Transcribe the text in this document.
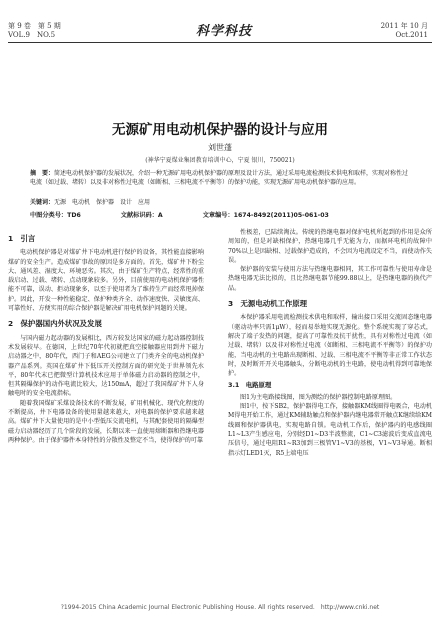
第 9 卷　第 5 期
VOL.9　NO.5	科学科技	2011 年 10 月
Oct.2011
无源矿用电动机保护器的设计与应用
刘世蓬
(神华宁夏煤业集团教育培训中心，宁夏 银川，750021)
摘　要：简述电动机保护器的发展状况，介绍一种无源矿用电动机保护器的原理及设计方法，通过采用电流检测技术供电和取样，实现对称性过电流（如过载、堵转）以及非对称性过电流（如断相、三相电流不平衡等）的保护功能，实现无源矿用电动机保护器的应用。
关键词：无源　电动机　保护器　设计　应用
中图分类号：TD6	文献标识码：A	文章编号：1674-8492(2011)05-061-03
1　引言

电动机保护器是对煤矿井下电动机进行保护的设备，其性能直接影响煤矿的安全生产。造成煤矿事故的原因是多方面的。首先，煤矿井下粉尘大、通风差、湿度大、环境恶劣。其次，由于煤矿生产特点，经常性的重载启动、过载、堵转、点动现象较多。另外，目前使用的电动机保护器性能不可靠，误动、拒动现象多，以至于使用者为了维持生产而经常甩掉保护。因此，开发一种性能稳定、保护种类齐全、动作速度快、灵敏度高、可靠性好、方便实用的综合保护器是解决矿用电机保护问题的关键。

2　保护器国内外状况及发展

与国内磁力起动器的发展相比，西方较发达国家的磁力起动器控制技术发展较早。在德国，上世纪70年代初就把真空接触器应用到井下磁力启动器之中，80年代，西门子和AEG公司建立了门类齐全的电动机保护器产品系列。英国在煤矿井下低压开关控制方面的研究处于世界领先水平，80年代末已把微型计算机技术应用于单体磁力启动器的控制之中，但其隔爆保护的动作电流比较大，达150mA，超过了我国煤矿井下人身触电时的安全电流指标。

随着我国煤矿采煤设备技术的不断发展，矿用机械化、现代化程度的不断提高，井下电器设备的使用量越来越大，对电器的保护要求越来越高。煤矿井下大量使用的是中小型低压交流电机，与其配套使用的隔爆型磁力启动器经历了几个阶段的发展，长期以来一直使用熔断器和热继电器两种保护。由于保护器件本身特性的分散性及整定不当，使得保护的可靠

性极差，已陆续淘汰。传统的热继电器对保护电机所起到的作用是众所周知的，但是对缺相保护，热继电器几乎无能为力，而据环电机的故障中70%以上是因缺相、过载保护造成的，不会因为电流设定不当，而使动作失误。

保护器的安装与使用方法与热继电器相同，其工作可靠性与使用寿命是热继电器无法比拟的，且比热继电器节能99.88以上，是热继电器的换代产品。

3　无源电动机工作原理

本保护器采用电流检测技术供电和取样，输出接口采用交流固态继电器（驱动功率只需1μW），轻而易举地实现无源化。整个系统实现了穿芯式，解决了端子发热的问题，提高了可靠性及抗干扰性，具有对称性过电流（如过载、堵转）以及非对称性过电流（如断相、三相电流不平衡等）的保护功能，当电动机的主电路出现断相、过载、三相电流不平衡等非正常工作状态时，及时断开开关电器触头，分断电动机的主电路，使电动机得到可靠地保护。

3.1　电路原理

图1为主电路接线图，图为测绘的保护器控制电路原理图。

图1中，按下SB2，保护器得电工作，接触器KM线圈得电吸合，电动机M得电开始工作，通过KM辅助触点和保护器内继电器常开触点K继续给KM线圈和保护器供电，实现电路自锁。电动机工作后，保护器内的电感线圈L1~L3产生感应电，分别经D1~D3半波整流，C1~C3滤波后变成直流电压信号，通过电阻R1~R3加到三极管V1~V3的基极，V1~V3导通。断相指示灯LED1灭，R5上端电压

?1994-2015 China Academic Journal Electronic Publishing House. All rights reserved.　http://www.cnki.net
